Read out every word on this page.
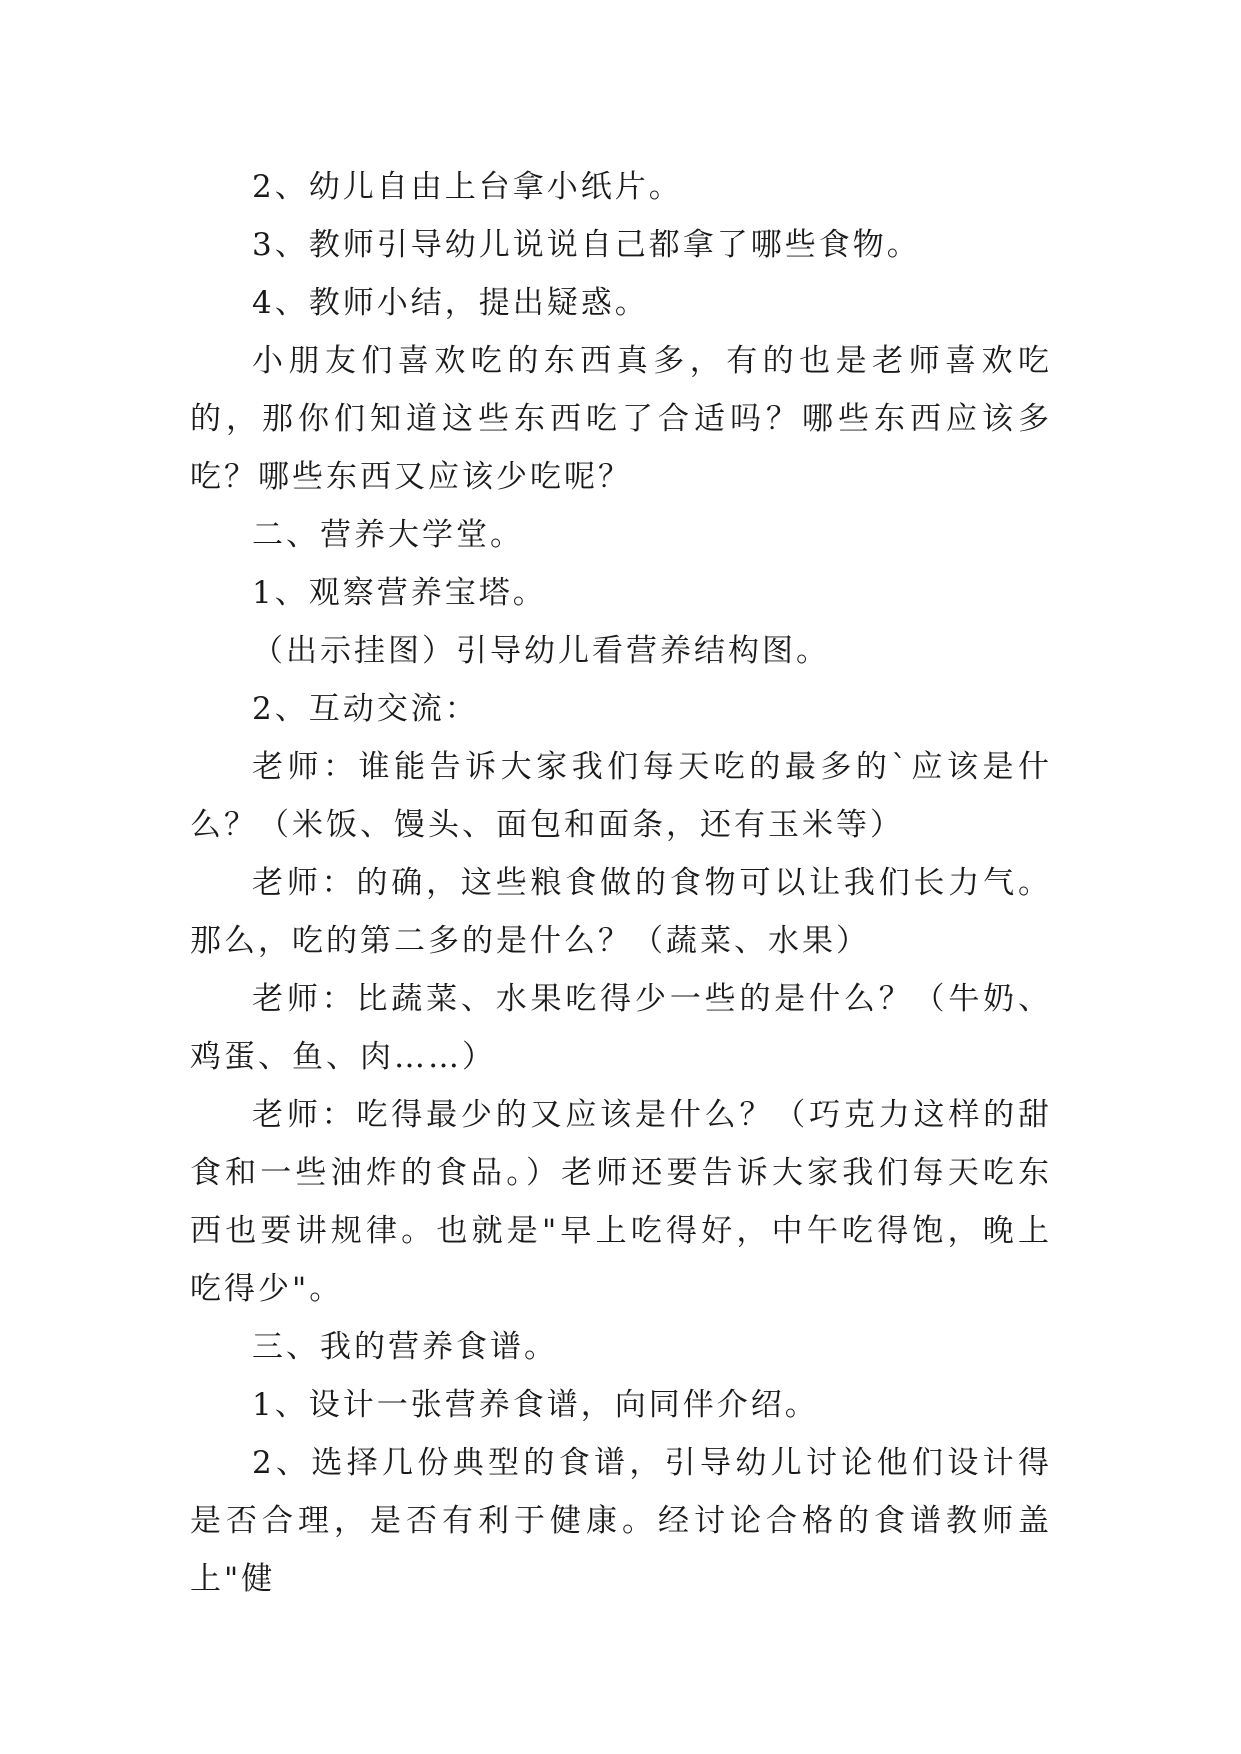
2、幼儿自由上台拿小纸片。

3、教师引导幼儿说说自己都拿了哪些食物。

4、教师小结，提出疑惑。

小朋友们喜欢吃的东西真多，有的也是老师喜欢吃的，那你们知道这些东西吃了合适吗？哪些东西应该多吃？哪些东西又应该少吃呢？

二、营养大学堂。

1、观察营养宝塔。

（出示挂图）引导幼儿看营养结构图。

2、互动交流：

老师：谁能告诉大家我们每天吃的最多的`应该是什么？（米饭、馒头、面包和面条，还有玉米等）

老师：的确，这些粮食做的食物可以让我们长力气。那么，吃的第二多的是什么？（蔬菜、水果）

老师：比蔬菜、水果吃得少一些的是什么？（牛奶、鸡蛋、鱼、肉……）

老师：吃得最少的又应该是什么？（巧克力这样的甜食和一些油炸的食品。）老师还要告诉大家我们每天吃东西也要讲规律。也就是"早上吃得好，中午吃得饱，晚上吃得少"。

三、我的营养食谱。

1、设计一张营养食谱，向同伴介绍。

2、选择几份典型的食谱，引导幼儿讨论他们设计得是否合理，是否有利于健康。经讨论合格的食谱教师盖上"健
